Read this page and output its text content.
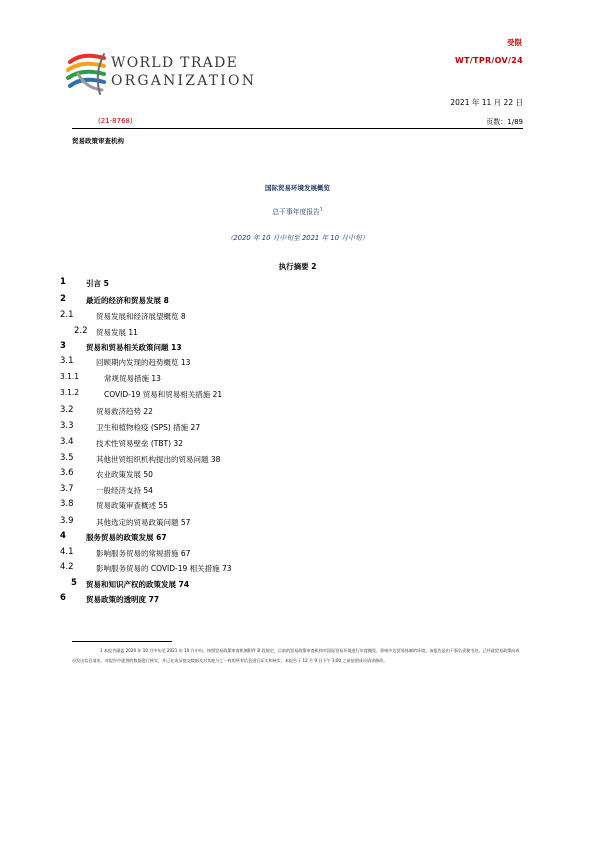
WORLD TRADE
ORGANIZATION
受限
WT/TPR/OV/24
2021 年 11 月 22 日
(21-8768)	页数：1/89
贸易政策审查机构
国际贸易环境发展概览
总干事年度报告$^1$
（2020 年 10 月中旬至 2021 年 10 月中旬）
执行摘要 2
1	引言 5
2	最近的经济和贸易发展 8
2.1	贸易发展和经济展望概览 8
2.2 贸易发展 11
3	贸易和贸易相关政策问题 13
3.1	回顾期内发现的趋势概览 13
3.1.1	常规贸易措施 13
3.1.2	COVID-19 贸易和贸易相关措施 21
3.2	贸易救济趋势 22
3.3	卫生和植物检疫 (SPS) 措施 27
3.4	技术性贸易壁垒 (TBT) 32
3.5	其他世贸组织机构提出的贸易问题 38
3.6	农业政策发展 50
3.7	一般经济支持 54
3.8	贸易政策审查概述 55
3.9	其他选定的贸易政策问题 57
4	服务贸易的政策发展 67
4.1	影响服务贸易的常规措施 67
4.2	影响服务贸易的 COVID-19 相关措施 73
5 贸易和知识产权的政策发展 74
6	贸易政策的透明度 77
1 本报告涵盖 2020 年 10 月中旬至 2021 年 10 月中旬。按照贸易政策审查机制附件 B 段规定，目前的贸易政策审查机构对国际贸易环境进行年度概览，影响多边贸易体制的环境。该报告是由干事负责秘书处，已经就贸易政策向成员发出信息请求，对报告中提供的数据进行核实，并已在成员提交数据及对其他与之一致的所有信息进行证实和核实，本报告于 12 月 9 日下午 3:00 之前依照成员请求修改。
